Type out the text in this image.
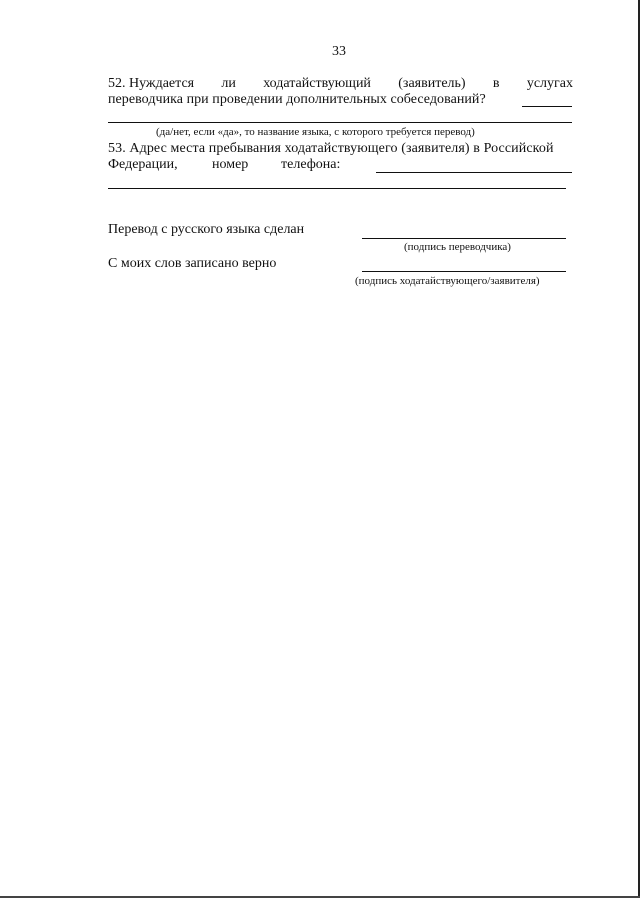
33
52. Нуждается ли ходатайствующий (заявитель) в услугах
переводчика при проведении дополнительных собеседований?
(да/нет, если «да», то название языка, с которого требуется перевод)
53. Адрес места пребывания ходатайствующего (заявителя) в Российской
Федерации, номер телефона:
Перевод с русского языка сделан
(подпись переводчика)
С моих слов записано верно
(подпись ходатайствующего/заявителя)
